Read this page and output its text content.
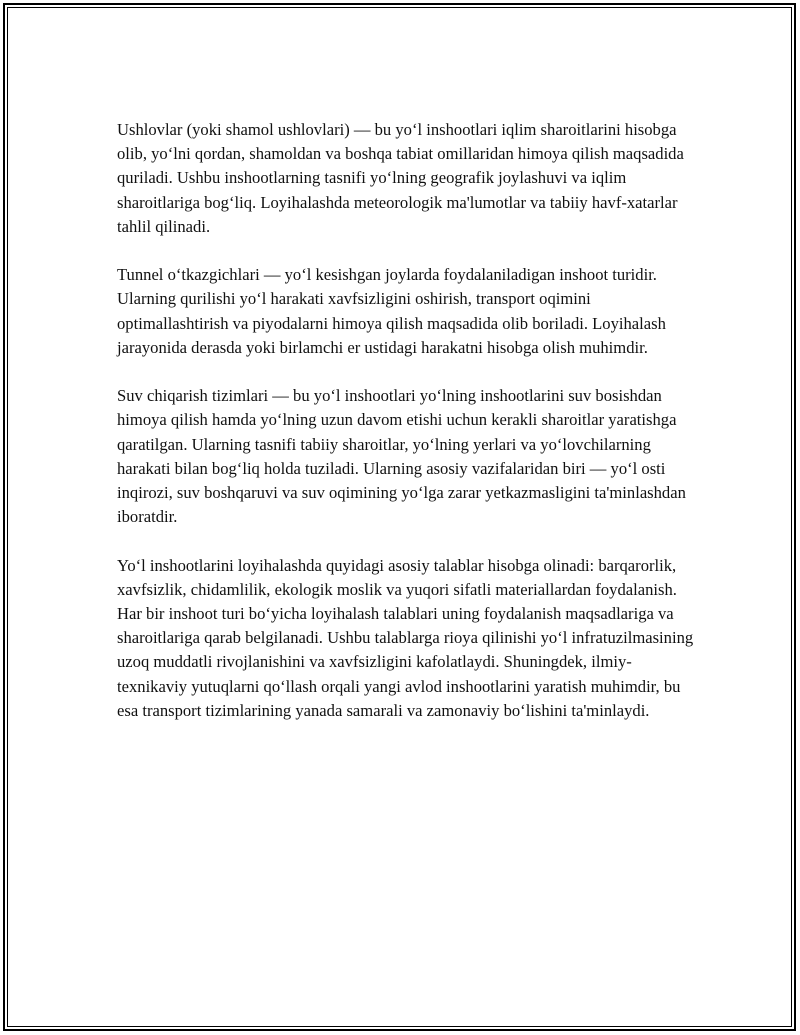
Ushlovlar (yoki shamol ushlovlari) — bu yo‘l inshootlari iqlim sharoitlarini hisobga olib, yo‘lni qordan, shamoldan va boshqa tabiat omillaridan himoya qilish maqsadida quriladi. Ushbu inshootlarning tasnifi yo‘lning geografik joylashuvi va iqlim sharoitlariga bog‘liq. Loyihalashda meteorologik ma'lumotlar va tabiiy havf-xatarlar tahlil qilinadi.

Tunnel o‘tkazgichlari — yo‘l kesishgan joylarda foydalaniladigan inshoot turidir. Ularning qurilishi yo‘l harakati xavfsizligini oshirish, transport oqimini optimallashtirish va piyodalarni himoya qilish maqsadida olib boriladi. Loyihalash jarayonida derasda yoki birlamchi er ustidagi harakatni hisobga olish muhimdir.

Suv chiqarish tizimlari — bu yo‘l inshootlari yo‘lning inshootlarini suv bosishdan himoya qilish hamda yo‘lning uzun davom etishi uchun kerakli sharoitlar yaratishga qaratilgan. Ularning tasnifi tabiiy sharoitlar, yo‘lning yerlari va yo‘lovchilarning harakati bilan bog‘liq holda tuziladi. Ularning asosiy vazifalaridan biri — yo‘l osti inqirozi, suv boshqaruvi va suv oqimining yo‘lga zarar yetkazmasligini ta'minlashdan iboratdir.

Yo‘l inshootlarini loyihalashda quyidagi asosiy talablar hisobga olinadi: barqarorlik, xavfsizlik, chidamlilik, ekologik moslik va yuqori sifatli materiallardan foydalanish. Har bir inshoot turi bo‘yicha loyihalash talablari uning foydalanish maqsadlariga va sharoitlariga qarab belgilanadi. Ushbu talablarga rioya qilinishi yo‘l infratuzilmasining uzoq muddatli rivojlanishini va xavfsizligini kafolatlaydi. Shuningdek, ilmiy-texnikaviy yutuqlarni qo‘llash orqali yangi avlod inshootlarini yaratish muhimdir, bu esa transport tizimlarining yanada samarali va zamonaviy bo‘lishini ta'minlaydi.
